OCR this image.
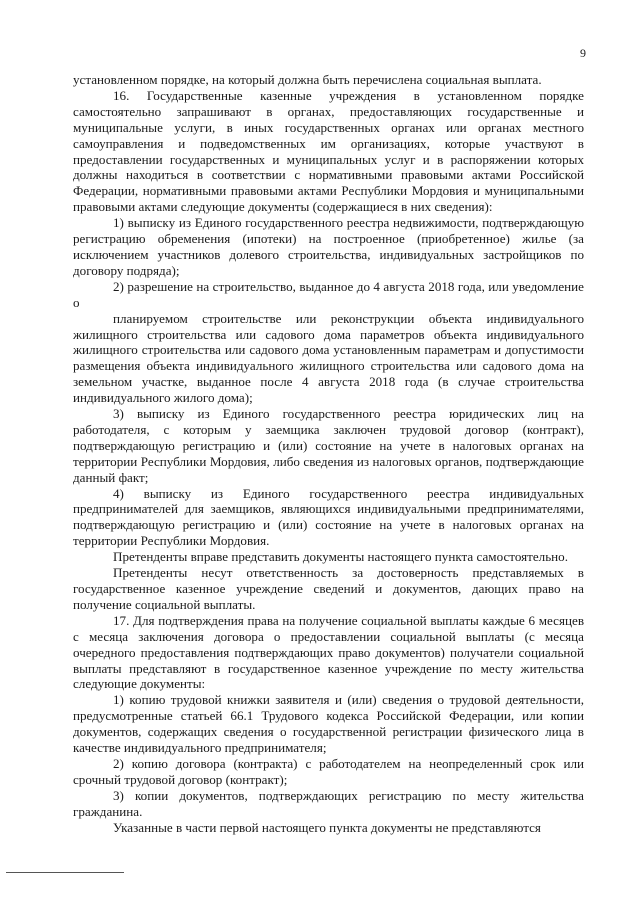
9

установленном порядке, на который должна быть перечислена социальная выплата.

16. Государственные казенные учреждения в установленном порядке самостоятельно запрашивают в органах, предоставляющих государственные и муниципальные услуги, в иных государственных органах или органах местного самоуправления и подведомственных им организациях, которые участвуют в предоставлении государственных и муниципальных услуг и в распоряжении которых должны находиться в соответствии с нормативными правовыми актами Российской Федерации, нормативными правовыми актами Республики Мордовия и муниципальными правовыми актами следующие документы (содержащиеся в них сведения):

1) выписку из Единого государственного реестра недвижимости, подтверждающую регистрацию обременения (ипотеки) на построенное (приобретенное) жилье (за исключением участников долевого строительства, индивидуальных застройщиков по договору подряда);

2) разрешение на строительство, выданное до 4 августа 2018 года, или уведомление о

планируемом строительстве или реконструкции объекта индивидуального жилищного строительства или садового дома параметров объекта индивидуального жилищного строительства или садового дома установленным параметрам и допустимости размещения объекта индивидуального жилищного строительства или садового дома на земельном участке, выданное после 4 августа 2018 года (в случае строительства индивидуального жилого дома);

3) выписку из Единого государственного реестра юридических лиц на работодателя, с которым у заемщика заключен трудовой договор (контракт), подтверждающую регистрацию и (или) состояние на учете в налоговых органах на территории Республики Мордовия, либо сведения из налоговых органов, подтверждающие данный факт;

4) выписку из Единого государственного реестра индивидуальных предпринимателей для заемщиков, являющихся индивидуальными предпринимателями, подтверждающую регистрацию и (или) состояние на учете в налоговых органах на территории Республики Мордовия.

Претенденты вправе представить документы настоящего пункта самостоятельно.

Претенденты несут ответственность за достоверность представляемых в государственное казенное учреждение сведений и документов, дающих право на получение социальной выплаты.

17. Для подтверждения права на получение социальной выплаты каждые 6 месяцев с месяца заключения договора о предоставлении социальной выплаты (с месяца очередного предоставления подтверждающих право документов) получатели социальной выплаты представляют в государственное казенное учреждение по месту жительства следующие документы:

1) копию трудовой книжки заявителя и (или) сведения о трудовой деятельности, предусмотренные статьей 66.1 Трудового кодекса Российской Федерации, или копии документов, содержащих сведения о государственной регистрации физического лица в качестве индивидуального предпринимателя;

2) копию договора (контракта) с работодателем на неопределенный срок или срочный трудовой договор (контракт);

3) копии документов, подтверждающих регистрацию по месту жительства гражданина.

Указанные в части первой настоящего пункта документы не представляются
